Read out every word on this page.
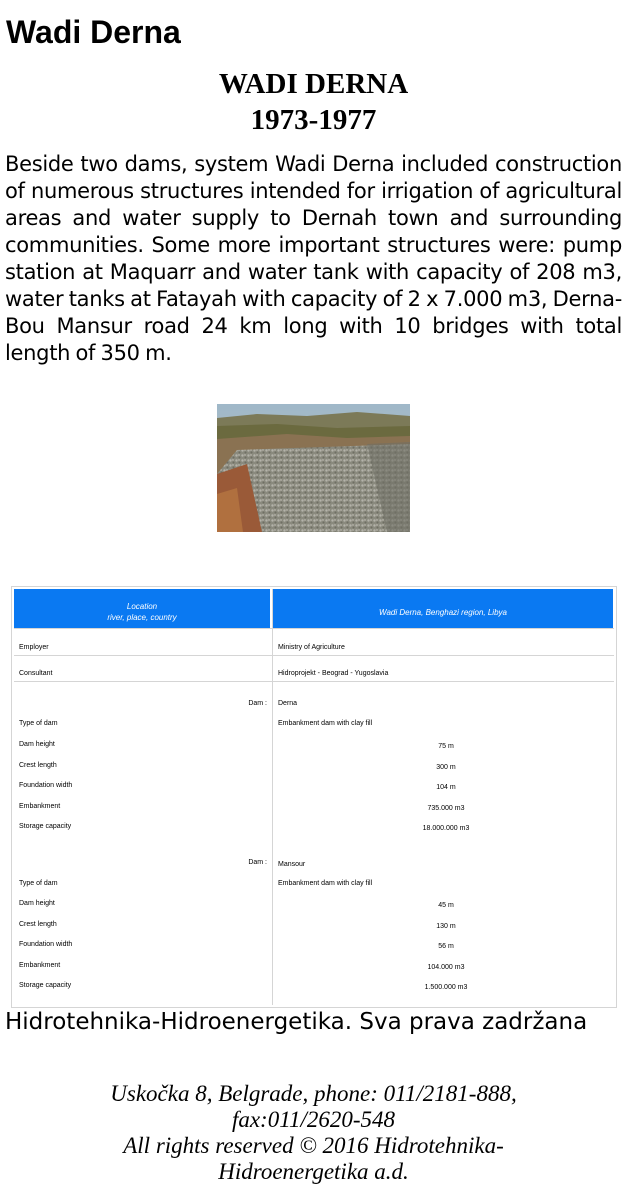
Wadi Derna
WADI DERNA
1973-1977
Beside two dams, system Wadi Derna included construction of numerous structures intended for irrigation of agricultural areas and water supply to Dernah town and surrounding communities. Some more important structures were: pump station at Maquarr and water tank with capacity of 208 m3, water tanks at Fatayah with capacity of 2 x 7.000 m3, Derna-Bou Mansur road 24 km long with 10 bridges with total length of 350 m.
Location
river, place, country
Wadi Derna, Benghazi region, Libya
Employer	Ministry of Agriculture
Consultant	Hidroprojekt - Beograd - Yugoslavia
Dam : Derna
Type of dam	Embankment dam with clay fill
Dam height	75 m
Crest length	300 m
Foundation width	104 m
Embankment	735.000 m3
Storage capacity	18.000.000 m3
Dam : Mansour
Type of dam	Embankment dam with clay fill
Dam height	45 m
Crest length	130 m
Foundation width	56 m
Embankment	104.000 m3
Storage capacity	1.500.000 m3
Hidrotehnika-Hidroenergetika. Sva prava zadržana
Uskočka 8, Belgrade, phone: 011/2181-888,
fax:011/2620-548
All rights reserved © 2016 Hidrotehnika-
Hidroenergetika a.d.
